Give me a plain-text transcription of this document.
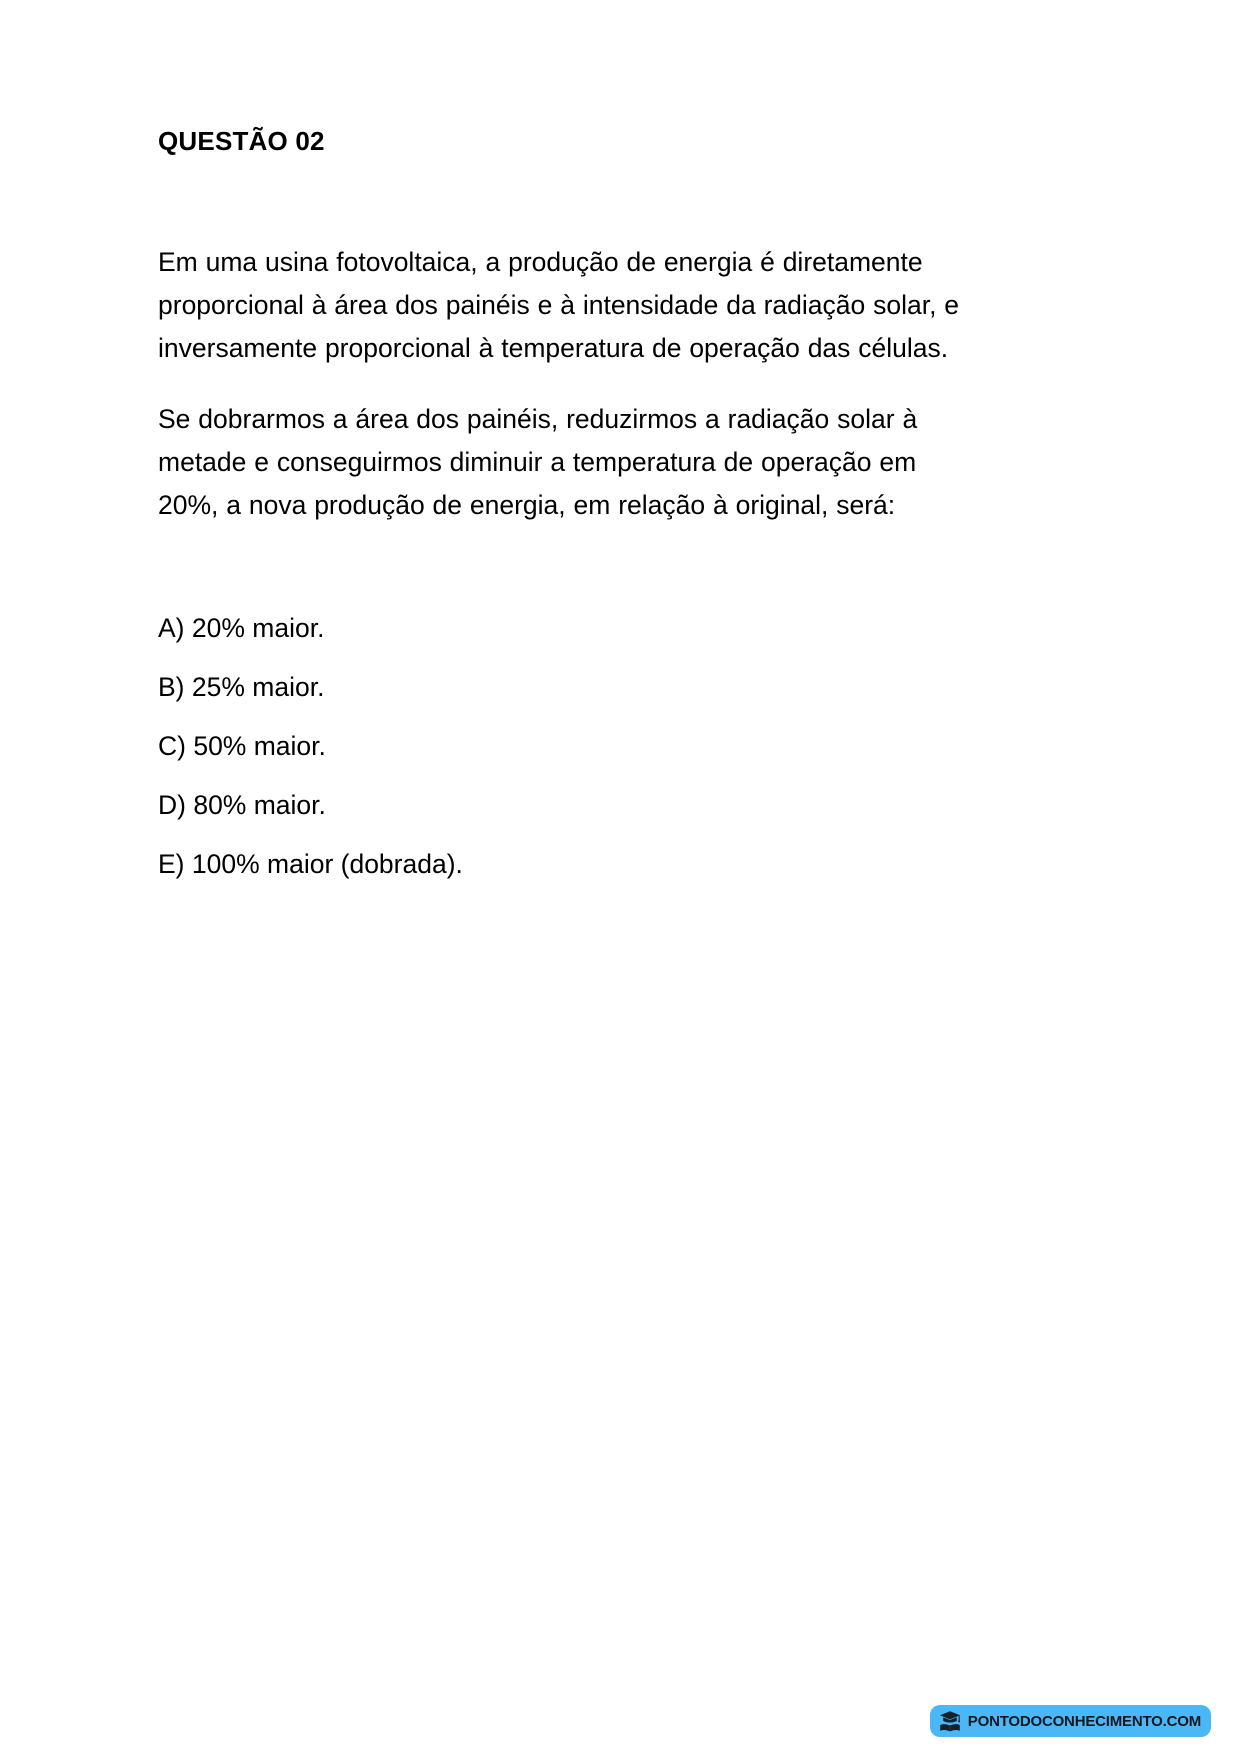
QUESTÃO 02

Em uma usina fotovoltaica, a produção de energia é diretamente proporcional à área dos painéis e à intensidade da radiação solar, e inversamente proporcional à temperatura de operação das células.

Se dobrarmos a área dos painéis, reduzirmos a radiação solar à metade e conseguirmos diminuir a temperatura de operação em 20%, a nova produção de energia, em relação à original, será:

A) 20% maior.
B) 25% maior.
C) 50% maior.
D) 80% maior.
E) 100% maior (dobrada).
PONTODOCONHECIMENTO.COM
